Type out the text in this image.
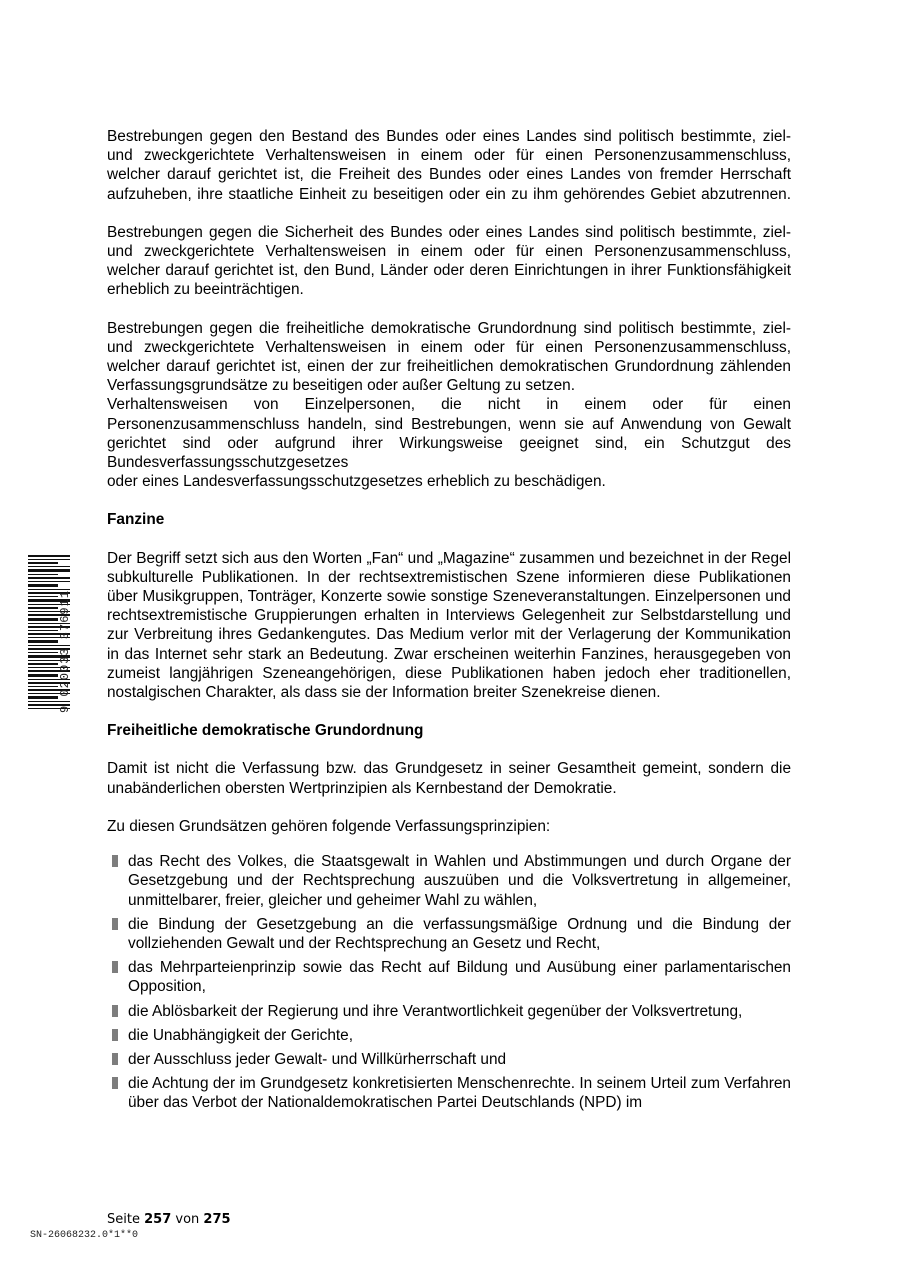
Bestrebungen gegen den Bestand des Bundes oder eines Landes sind politisch bestimmte, ziel- und zweckgerichtete Verhaltensweisen in einem oder für einen Personenzusammenschluss, welcher darauf gerichtet ist, die Freiheit des Bundes oder eines Landes von fremder Herrschaft aufzuheben, ihre staatliche Einheit zu beseitigen oder ein zu ihm gehörendes Gebiet abzutrennen.

Bestrebungen gegen die Sicherheit des Bundes oder eines Landes sind politisch bestimmte, ziel- und zweckgerichtete Verhaltensweisen in einem oder für einen Personenzusammenschluss, welcher darauf gerichtet ist, den Bund, Länder oder deren Einrichtungen in ihrer Funktionsfähigkeit erheblich zu beeinträchtigen.

Bestrebungen gegen die freiheitliche demokratische Grundordnung sind politisch bestimmte, ziel- und zweckgerichtete Verhaltensweisen in einem oder für einen Personenzusammenschluss, welcher darauf gerichtet ist, einen der zur freiheitlichen demokratischen Grundordnung zählenden Verfassungsgrundsätze zu beseitigen oder außer Geltung zu setzen.

Verhaltensweisen von Einzelpersonen, die nicht in einem oder für einen Personenzusammenschluss handeln, sind Bestrebungen, wenn sie auf Anwendung von Gewalt gerichtet sind oder aufgrund ihrer Wirkungsweise geeignet sind, ein Schutzgut des Bundesverfassungsschutzgesetzes

oder eines Landesverfassungsschutzgesetzes erheblich zu beschädigen.

Fanzine

Der Begriff setzt sich aus den Worten „Fan“ und „Magazine“ zusammen und bezeichnet in der Regel subkulturelle Publikationen. In der rechtsextremistischen Szene informieren diese Publikationen über Musikgruppen, Tonträger, Konzerte sowie sonstige Szeneveranstaltungen. Einzelpersonen und rechtsextremistische Gruppierungen erhalten in Interviews Gelegenheit zur Selbstdarstellung und zur Verbreitung ihres Gedankengutes. Das Medium verlor mit der Verlagerung der Kommunikation in das Internet sehr stark an Bedeutung. Zwar erscheinen weiterhin Fanzines, herausgegeben von zumeist langjährigen Szeneangehörigen, diese Publikationen haben jedoch eher traditionellen, nostalgischen Charakter, als dass sie der Information breiter Szenekreise dienen.

Freiheitliche demokratische Grundordnung

Damit ist nicht die Verfassung bzw. das Grundgesetz in seiner Gesamtheit gemeint, sondern die unabänderlichen obersten Wertprinzipien als Kernbestand der Demokratie.

Zu diesen Grundsätzen gehören folgende Verfassungsprinzipien:

das Recht des Volkes, die Staatsgewalt in Wahlen und Abstimmungen und durch Organe der Gesetzgebung und der Rechtsprechung auszuüben und die Volksvertretung in allgemeiner, unmittelbarer, freier, gleicher und geheimer Wahl zu wählen,
die Bindung der Gesetzgebung an die verfassungsmäßige Ordnung und die Bindung der vollziehenden Gewalt und der Rechtsprechung an Gesetz und Recht,
das Mehrparteienprinzip sowie das Recht auf Bildung und Ausübung einer parlamentarischen Opposition,
die Ablösbarkeit der Regierung und ihre Verantwortlichkeit gegenüber der Volksvertretung,
die Unabhängigkeit der Gerichte,
der Ausschluss jeder Gewalt- und Willkürherrschaft und
die Achtung der im Grundgesetz konkretisierten Menschenrechte. In seinem Urteil zum Verfahren über das Verbot der Nationaldemokratischen Partei Deutschlands (NPD) im
9 020033 376911
Seite 257 von 275
SN-26068232.0*1**0
